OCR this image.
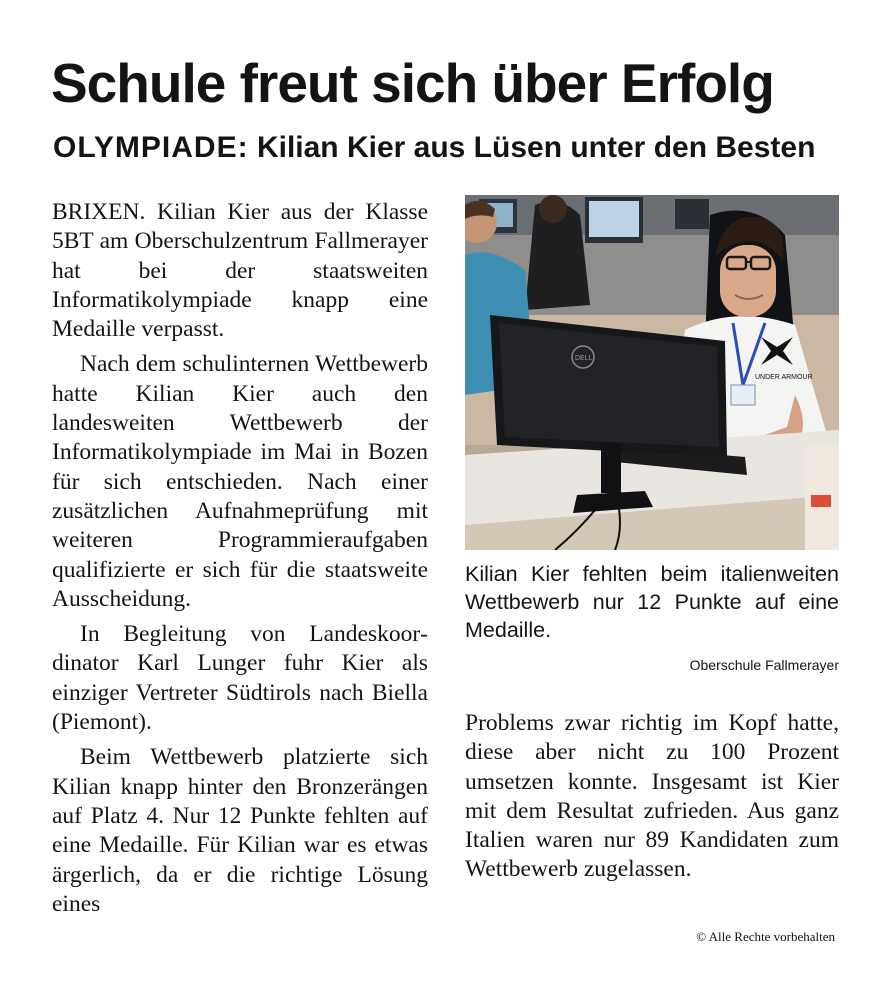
Schule freut sich über Erfolg
OLYMPIADE: Kilian Kier aus Lüsen unter den Besten

BRIXEN. Kilian Kier aus der Klasse 5BT am Oberschulzentrum Fallmerayer hat bei der staatsweiten Informatikolympiade knapp eine Medaille verpasst.

Nach dem schulinternen Wettbewerb hatte Kilian Kier auch den landesweiten Wettbewerb der Informatikolympiade im Mai in Bozen für sich entschieden. Nach einer zusätzlichen Aufnahmeprüfung mit weiteren Programmieraufgaben qualifizierte er sich für die staatsweite Ausscheidung.

In Begleitung von Landeskoordinator Karl Lunger fuhr Kier als einziger Vertreter Südtirols nach Biella (Piemont).

Beim Wettbewerb platzierte sich Kilian knapp hinter den Bronzerängen auf Platz 4. Nur 12 Punkte fehlten auf eine Medaille. Für Kilian war es etwas ärgerlich, da er die richtige Lösung eines

UNDER ARMOUR
DELL

Kilian Kier fehlten beim italienweiten Wettbewerb nur 12 Punkte auf eine Medaille.

Oberschule Fallmerayer

Problems zwar richtig im Kopf hatte, diese aber nicht zu 100 Prozent umsetzen konnte. Insgesamt ist Kier mit dem Resultat zufrieden. Aus ganz Italien waren nur 89 Kandidaten zum Wettbewerb zugelassen.

© Alle Rechte vorbehalten
